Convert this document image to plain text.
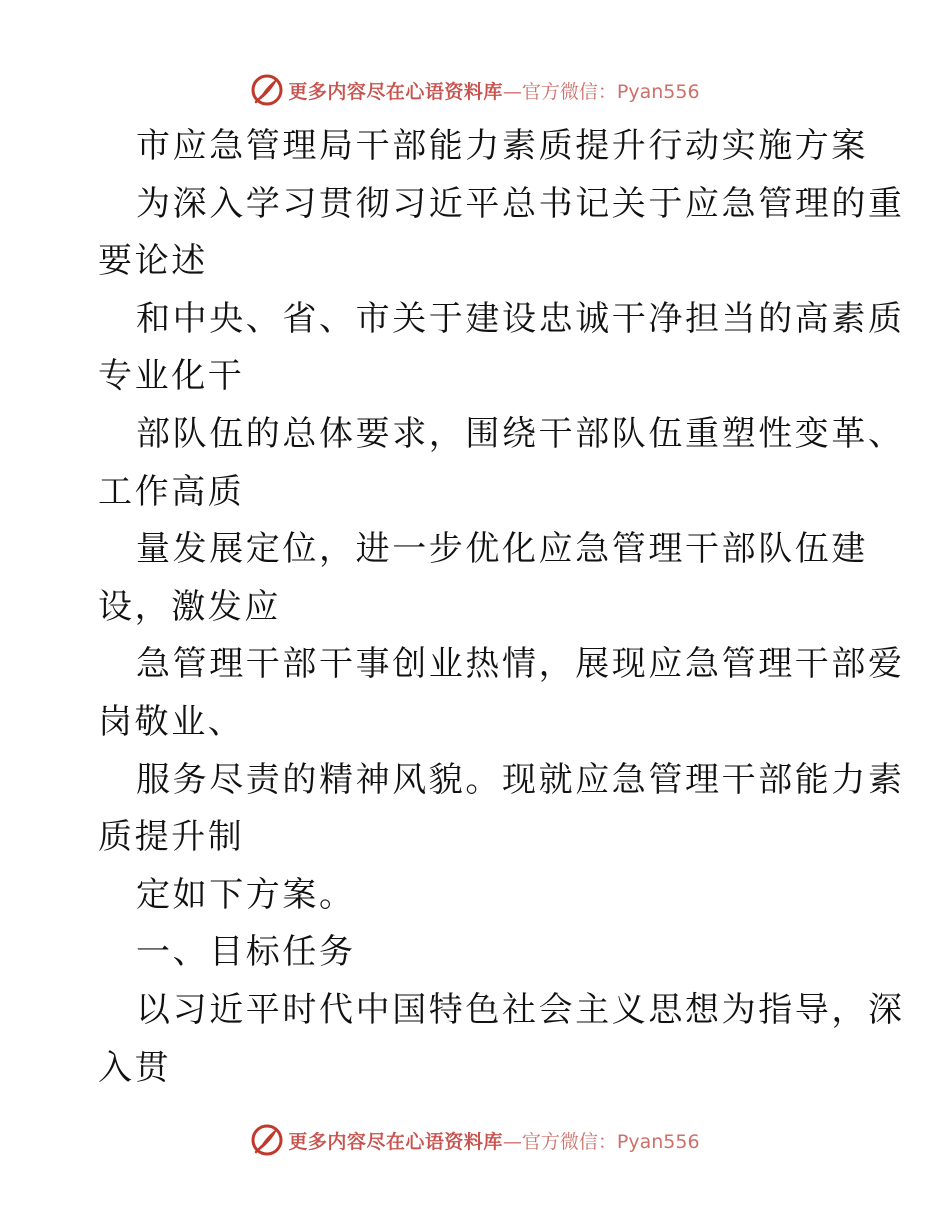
更多内容尽在心语资料库 —官方微信：Pyan556

市应急管理局干部能力素质提升行动实施方案

为深入学习贯彻习近平总书记关于应急管理的重

要论述

和中央、省、市关于建设忠诚干净担当的高素质

专业化干

部队伍的总体要求，围绕干部队伍重塑性变革、

工作高质

量发展定位，进一步优化应急管理干部队伍建

设，激发应

急管理干部干事创业热情，展现应急管理干部爱

岗敬业、

服务尽责的精神风貌。现就应急管理干部能力素

质提升制

定如下方案。

一、目标任务

以习近平时代中国特色社会主义思想为指导，深

入贯

更多内容尽在心语资料库 —官方微信：Pyan556
